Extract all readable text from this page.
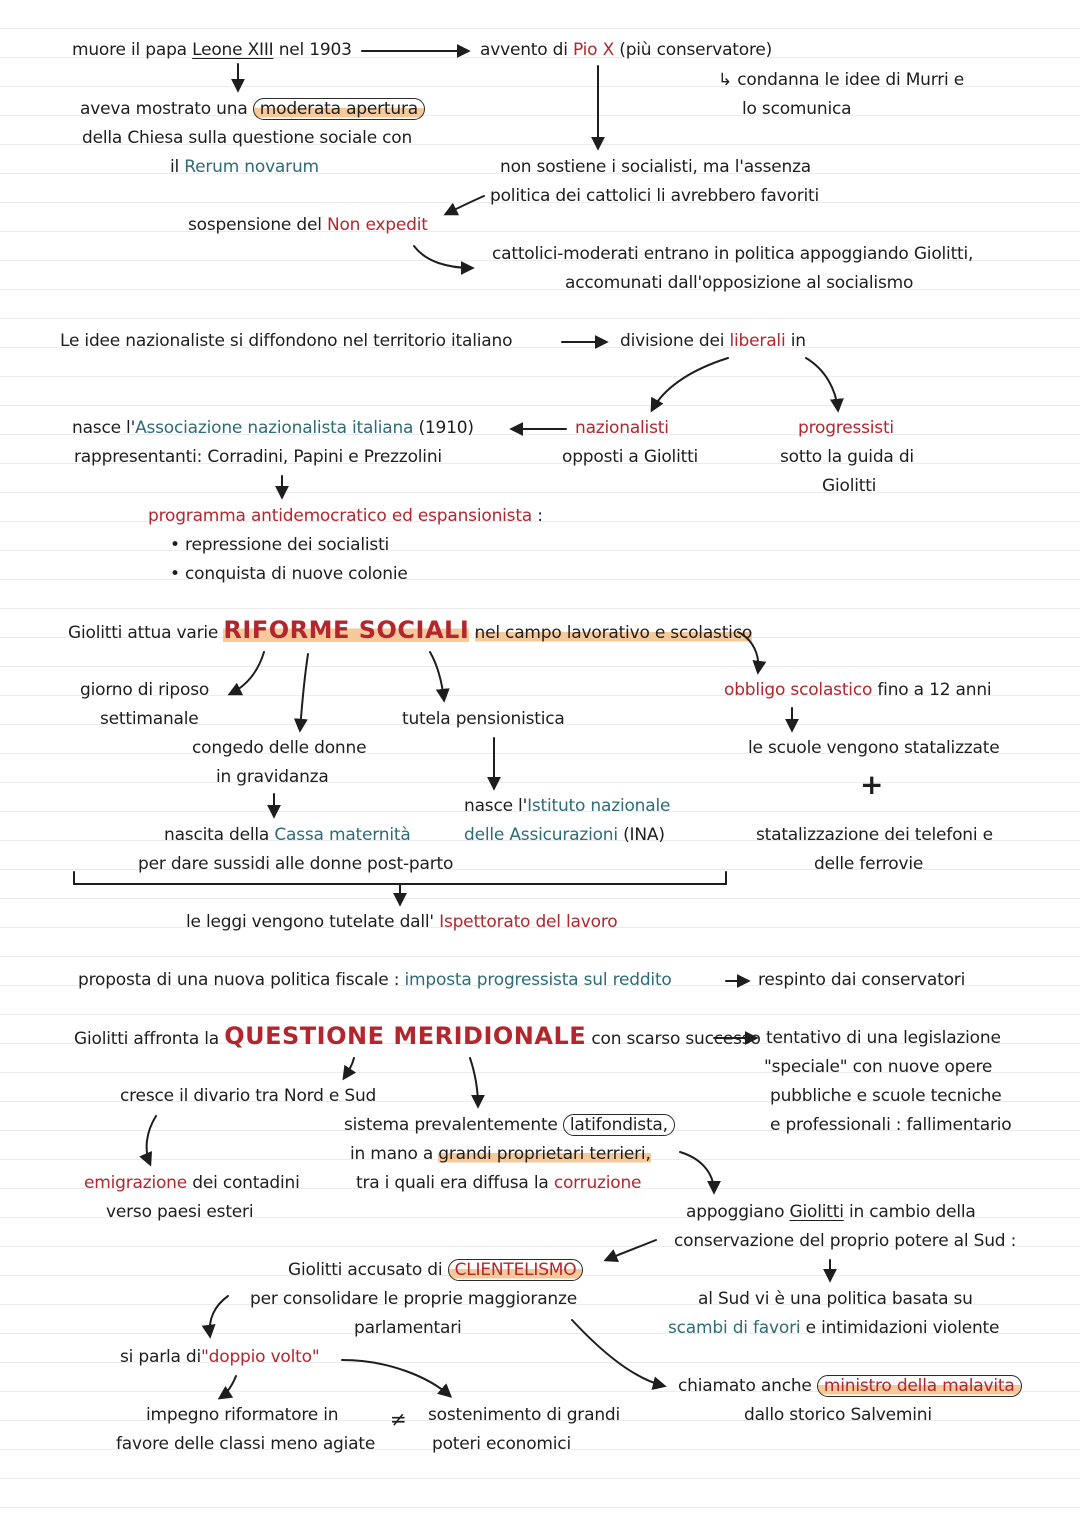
muore il papa Leone XIII nel 1903	avvento di Pio X (più conservatore)
↳ condanna le idee di Murri e
lo scomunica
aveva mostrato una moderata apertura
della Chiesa sulla questione sociale con
il Rerum novarum	non sostiene i socialisti, ma l'assenza
politica dei cattolici li avrebbero favoriti
sospensione del Non expedit
cattolici-moderati entrano in politica appoggiando Giolitti,
accomunati dall'opposizione al socialismo
Le idee nazionaliste si diffondono nel territorio italiano	divisione dei liberali in
nasce l'Associazione nazionalista italiana (1910)	nazionalisti	progressisti
rappresentanti: Corradini, Papini e Prezzolini	opposti a Giolitti	sotto la guida di
Giolitti
programma antidemocratico ed espansionista :
• repressione dei socialisti
• conquista di nuove colonie
Giolitti attua varie RIFORME SOCIALI nel campo lavorativo e scolastico
giorno di riposo
settimanale	tutela pensionistica
obbligo scolastico fino a 12 anni
congedo delle donne
in gravidanza
le scuole vengono statalizzate
+
nasce l'Istituto nazionale
delle Assicurazioni (INA)
nascita della Cassa maternità	statalizzazione dei telefoni e
delle ferrovie
per dare sussidi alle donne post-parto
le leggi vengono tutelate dall' Ispettorato del lavoro
proposta di una nuova politica fiscale : imposta progressista sul reddito	respinto dai conservatori
Giolitti affronta la QUESTIONE MERIDIONALE con scarso successo tentativo di una legislazione
"speciale" con nuove opere
pubbliche e scuole tecniche
e professionali : fallimentario
cresce il divario tra Nord e Sud
sistema prevalentemente latifondista,
in mano a grandi proprietari terrieri,
tra i quali era diffusa la corruzione
emigrazione dei contadini
verso paesi esteri	appoggiano Giolitti in cambio della
conservazione del proprio potere al Sud :
Giolitti accusato di CLIENTELISMO
per consolidare le proprie maggioranze
parlamentari
al Sud vi è una politica basata su
scambi di favori e intimidazioni violente
si parla di"doppio volto"
chiamato anche ministro della malavita
dallo storico Salvemini
impegno riformatore in
favore delle classi meno agiate
≠ sostenimento di grandi
poteri economici
